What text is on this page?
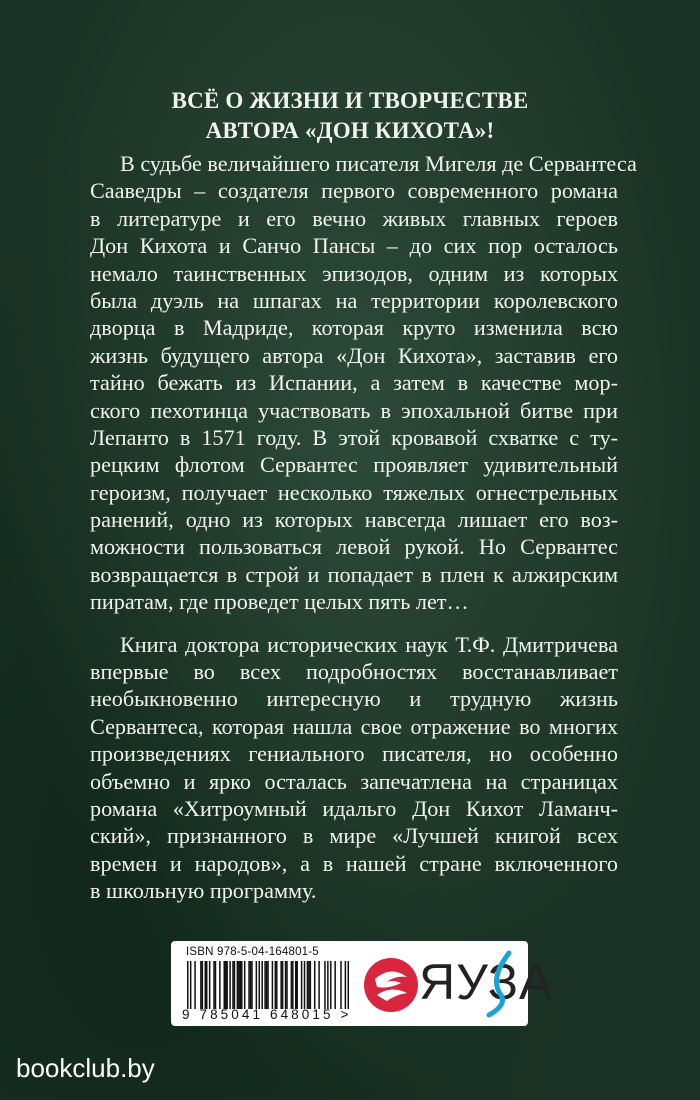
ВСЁ О ЖИЗНИ И ТВОРЧЕСТВЕ
АВТОРА «ДОН КИХОТА»!
В судьбе величайшего писателя Мигеля де Сервантеса
Сааведры – создателя первого современного романа
в литературе и его вечно живых главных героев
Дон Кихота и Санчо Пансы – до сих пор осталось
немало таинственных эпизодов, одним из которых
была дуэль на шпагах на территории королевского
дворца в Мадриде, которая круто изменила всю
жизнь будущего автора «Дон Кихота», заставив его
тайно бежать из Испании, а затем в качестве мор-
ского пехотинца участвовать в эпохальной битве при
Лепанто в 1571 году. В этой кровавой схватке с ту-
рецким флотом Сервантес проявляет удивительный
героизм, получает несколько тяжелых огнестрельных
ранений, одно из которых навсегда лишает его воз-
можности пользоваться левой рукой. Но Сервантес
возвращается в строй и попадает в плен к алжирским
пиратам, где проведет целых пять лет…
Книга доктора исторических наук Т.Ф. Дмитричева
впервые во всех подробностях восстанавливает
необыкновенно интересную и трудную жизнь
Сервантеса, которая нашла свое отражение во многих
произведениях гениального писателя, но особенно
объемно и ярко осталась запечатлена на страницах
романа «Хитроумный идальго Дон Кихот Ламанч-
ский», признанного в мире «Лучшей книгой всех
времен и народов», а в нашей стране включенного
в школьную программу.
ISBN 978-5-04-164801-5
9 785041 648015 >
ЯУЗА
bookclub.by
